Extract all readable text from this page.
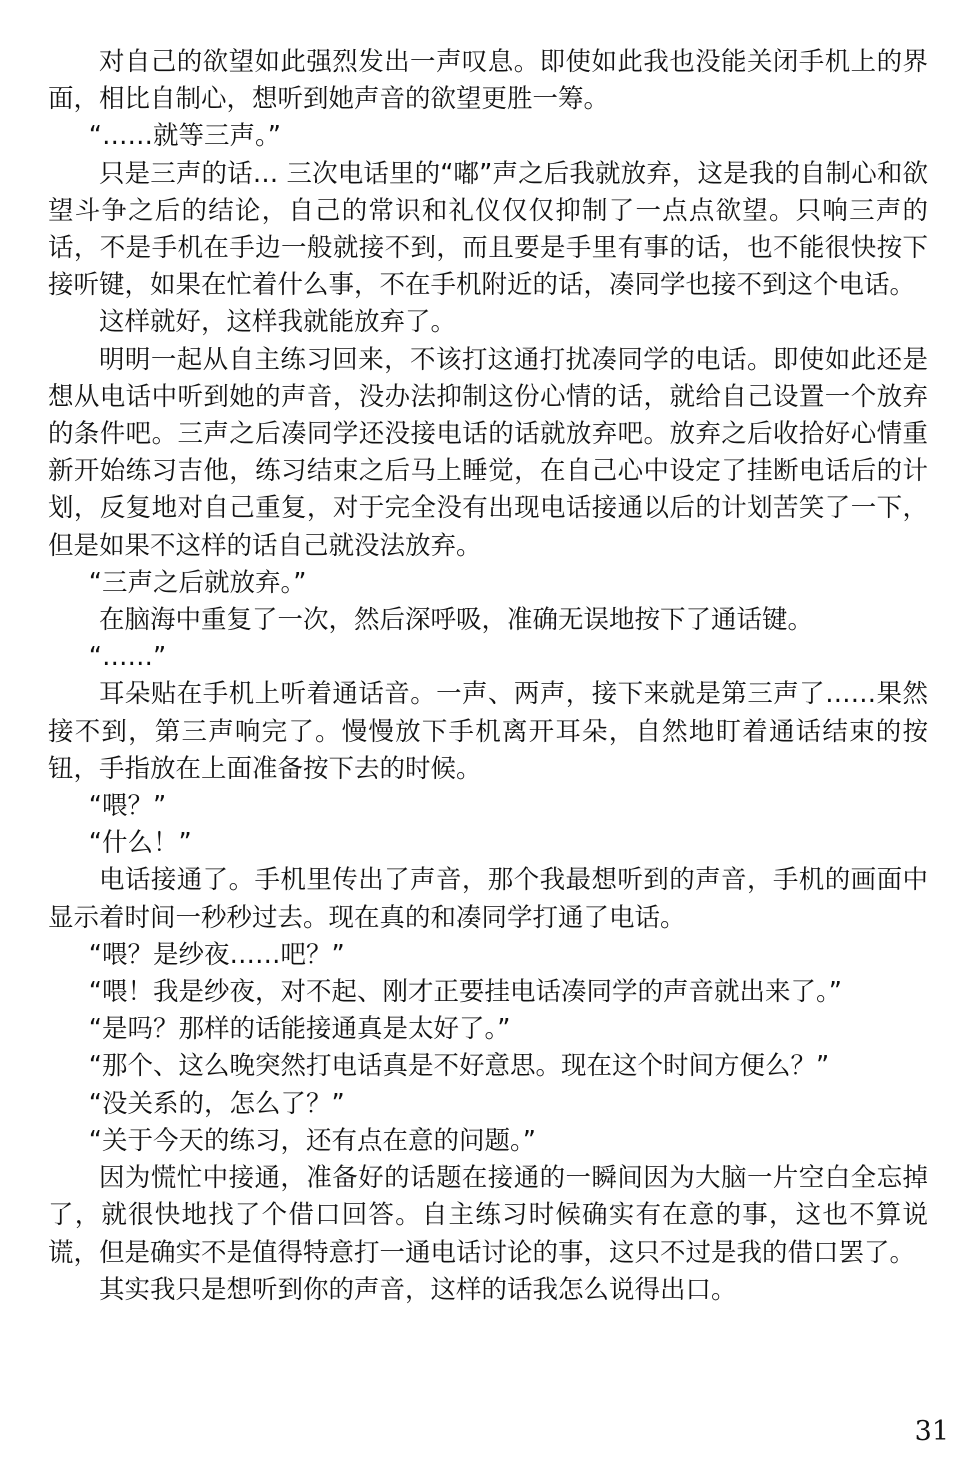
对自己的欲望如此强烈发出一声叹息。即使如此我也没能关闭手机上的界面，相比自制心，想听到她声音的欲望更胜一筹。

“……就等三声。”

只是三声的话… 三次电话里的“嘟”声之后我就放弃，这是我的自制心和欲望斗争之后的结论，自己的常识和礼仪仅仅抑制了一点点欲望。只响三声的话，不是手机在手边一般就接不到，而且要是手里有事的话，也不能很快按下接听键，如果在忙着什么事，不在手机附近的话，凑同学也接不到这个电话。

这样就好，这样我就能放弃了。

明明一起从自主练习回来，不该打这通打扰凑同学的电话。即使如此还是想从电话中听到她的声音，没办法抑制这份心情的话，就给自己设置一个放弃的条件吧。三声之后凑同学还没接电话的话就放弃吧。放弃之后收拾好心情重新开始练习吉他，练习结束之后马上睡觉，在自己心中设定了挂断电话后的计划，反复地对自己重复，对于完全没有出现电话接通以后的计划苦笑了一下，但是如果不这样的话自己就没法放弃。

“三声之后就放弃。”

在脑海中重复了一次，然后深呼吸，准确无误地按下了通话键。

“……”

耳朵贴在手机上听着通话音。一声、两声，接下来就是第三声了……果然接不到，第三声响完了。慢慢放下手机离开耳朵，自然地盯着通话结束的按钮，手指放在上面准备按下去的时候。

“喂？”

“什么！”

电话接通了。手机里传出了声音，那个我最想听到的声音，手机的画面中显示着时间一秒秒过去。现在真的和凑同学打通了电话。

“喂？是纱夜……吧？”

“喂！我是纱夜，对不起、刚才正要挂电话凑同学的声音就出来了。”

“是吗？那样的话能接通真是太好了。”

“那个、这么晚突然打电话真是不好意思。现在这个时间方便么？”

“没关系的，怎么了？”

“关于今天的练习，还有点在意的问题。”

因为慌忙中接通，准备好的话题在接通的一瞬间因为大脑一片空白全忘掉了，就很快地找了个借口回答。自主练习时候确实有在意的事，这也不算说谎，但是确实不是值得特意打一通电话讨论的事，这只不过是我的借口罢了。

其实我只是想听到你的声音，这样的话我怎么说得出口。

31
